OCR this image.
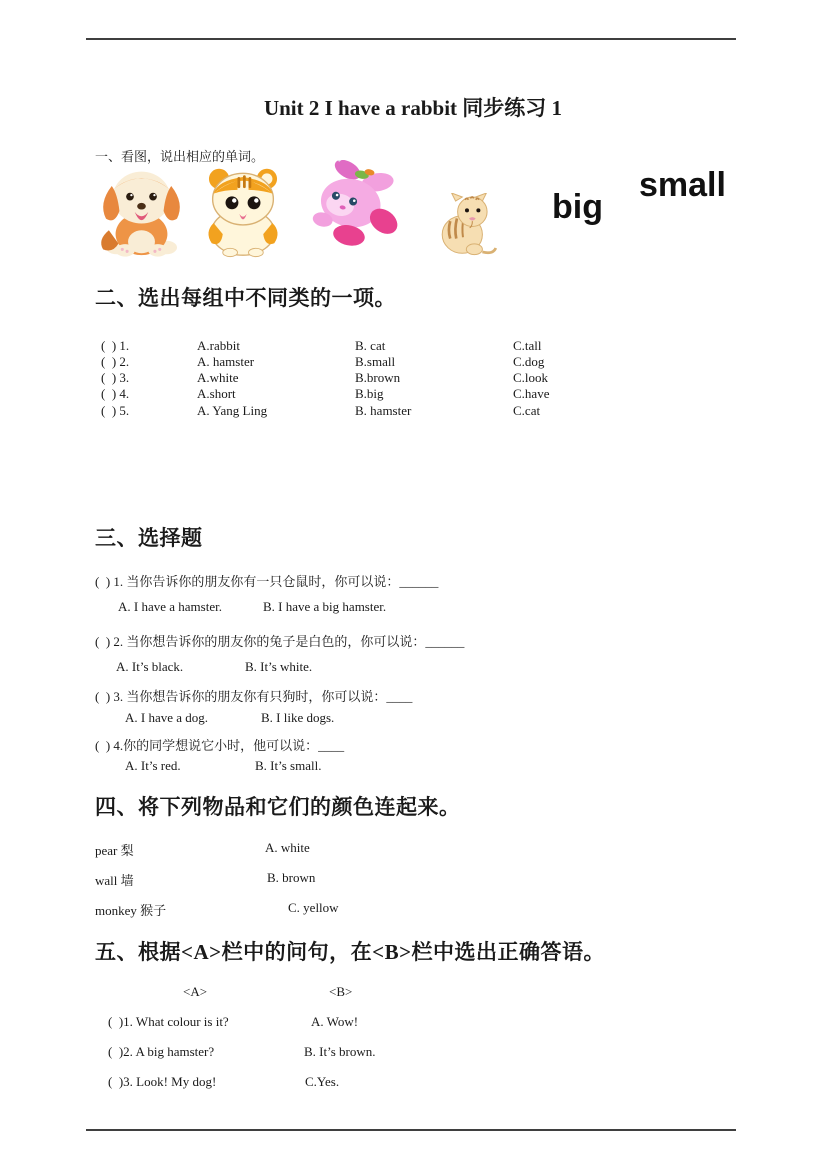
Unit 2 I have a rabbit 同步练习 1
一、看图，说出相应的单词。
big
small
二、选出每组中不同类的一项。
(  ) 1.	A.rabbit	B. cat	C.tall
(  ) 2.	A. hamster	B.small	C.dog
(  ) 3.	A.white	B.brown	C.look
(  ) 4.	A.short	B.big	C.have
(  ) 5.	A. Yang Ling	B. hamster	C.cat
三、选择题
(  ) 1. 当你告诉你的朋友你有一只仓鼠时，你可以说：______
A. I have a hamster.	B. I have a big hamster.
(  ) 2. 当你想告诉你的朋友你的兔子是白色的，你可以说：______
A. It’s black.	B. It’s white.
(  ) 3. 当你想告诉你的朋友你有只狗时，你可以说：____
A. I have a dog.	B. I like dogs.
(  ) 4.你的同学想说它小时，他可以说：____
A. It’s red.	B. It’s small.
四、将下列物品和它们的颜色连起来。
pear 梨	A. white
wall 墙	B. brown
monkey 猴子	C. yellow
五、根据<A>栏中的问句，在<B>栏中选出正确答语。
<A>	<B>
(  )1. What colour is it?	A. Wow!
(  )2. A big hamster?	B. It’s brown.
(  )3. Look! My dog!	C.Yes.
